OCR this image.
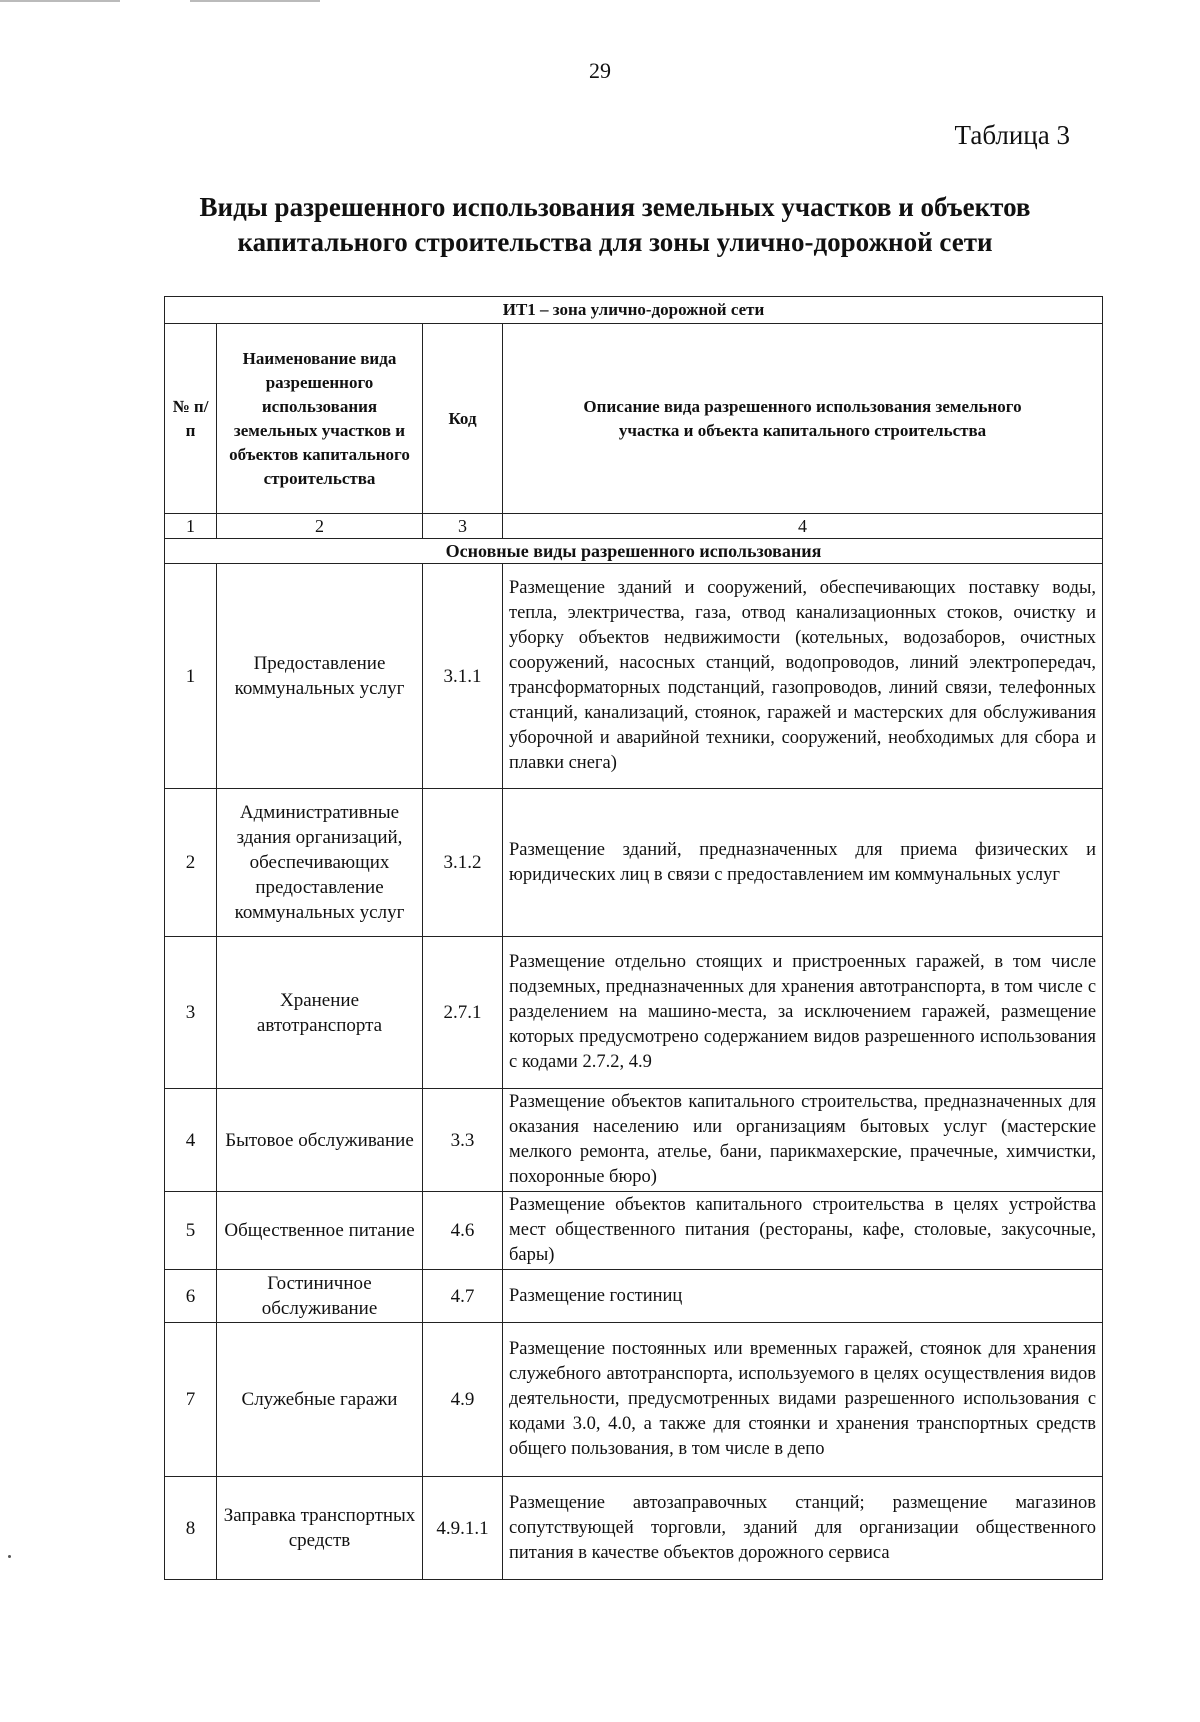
29
Таблица 3
Виды разрешенного использования земельных участков и объектов
капитального строительства для зоны улично-дорожной сети
ИТ1 – зона улично-дорожной сети			
№ п/п	Наименование вида разрешенного использования земельных участков и объектов капитального строительства	Код	Описание вида разрешенного использования земельного участка и объекта капитального строительства
1	2	3	4
Основные виды разрешенного использования			
1	Предоставление коммунальных услуг	3.1.1	Размещение зданий и сооружений, обеспечивающих поставку воды, тепла, электричества, газа, отвод канализационных стоков, очистку и уборку объектов недвижимости (котельных, водозаборов, очистных сооружений, насосных станций, водопроводов, линий электропередач, трансформаторных подстанций, газопроводов, линий связи, телефонных станций, канализаций, стоянок, гаражей и мастерских для обслуживания уборочной и аварийной техники, сооружений, необходимых для сбора и плавки снега)
2	Административные здания организаций, обеспечивающих предоставление коммунальных услуг	3.1.2	Размещение зданий, предназначенных для приема физических и юридических лиц в связи с предоставлением им коммунальных услуг
3	Хранение автотранспорта	2.7.1	Размещение отдельно стоящих и пристроенных гаражей, в том числе подземных, предназначенных для хранения автотранспорта, в том числе с разделением на машино-места, за исключением гаражей, размещение которых предусмотрено содержанием видов разрешенного использования с кодами 2.7.2, 4.9
4	Бытовое обслуживание	3.3	Размещение объектов капитального строительства, предназначенных для оказания населению или организациям бытовых услуг (мастерские мелкого ремонта, ателье, бани, парикмахерские, прачечные, химчистки, похоронные бюро)
5	Общественное питание	4.6	Размещение объектов капитального строительства в целях устройства мест общественного питания (рестораны, кафе, столовые, закусочные, бары)
6	Гостиничное обслуживание	4.7	Размещение гостиниц
7	Служебные гаражи	4.9	Размещение постоянных или временных гаражей, стоянок для хранения служебного автотранспорта, используемого в целях осуществления видов деятельности, предусмотренных видами разрешенного использования с кодами 3.0, 4.0, а также для стоянки и хранения транспортных средств общего пользования, в том числе в депо
8	Заправка транспортных средств	4.9.1.1	Размещение автозаправочных станций; размещение магазинов сопутствующей торговли, зданий для организации общественного питания в качестве объектов дорожного сервиса
